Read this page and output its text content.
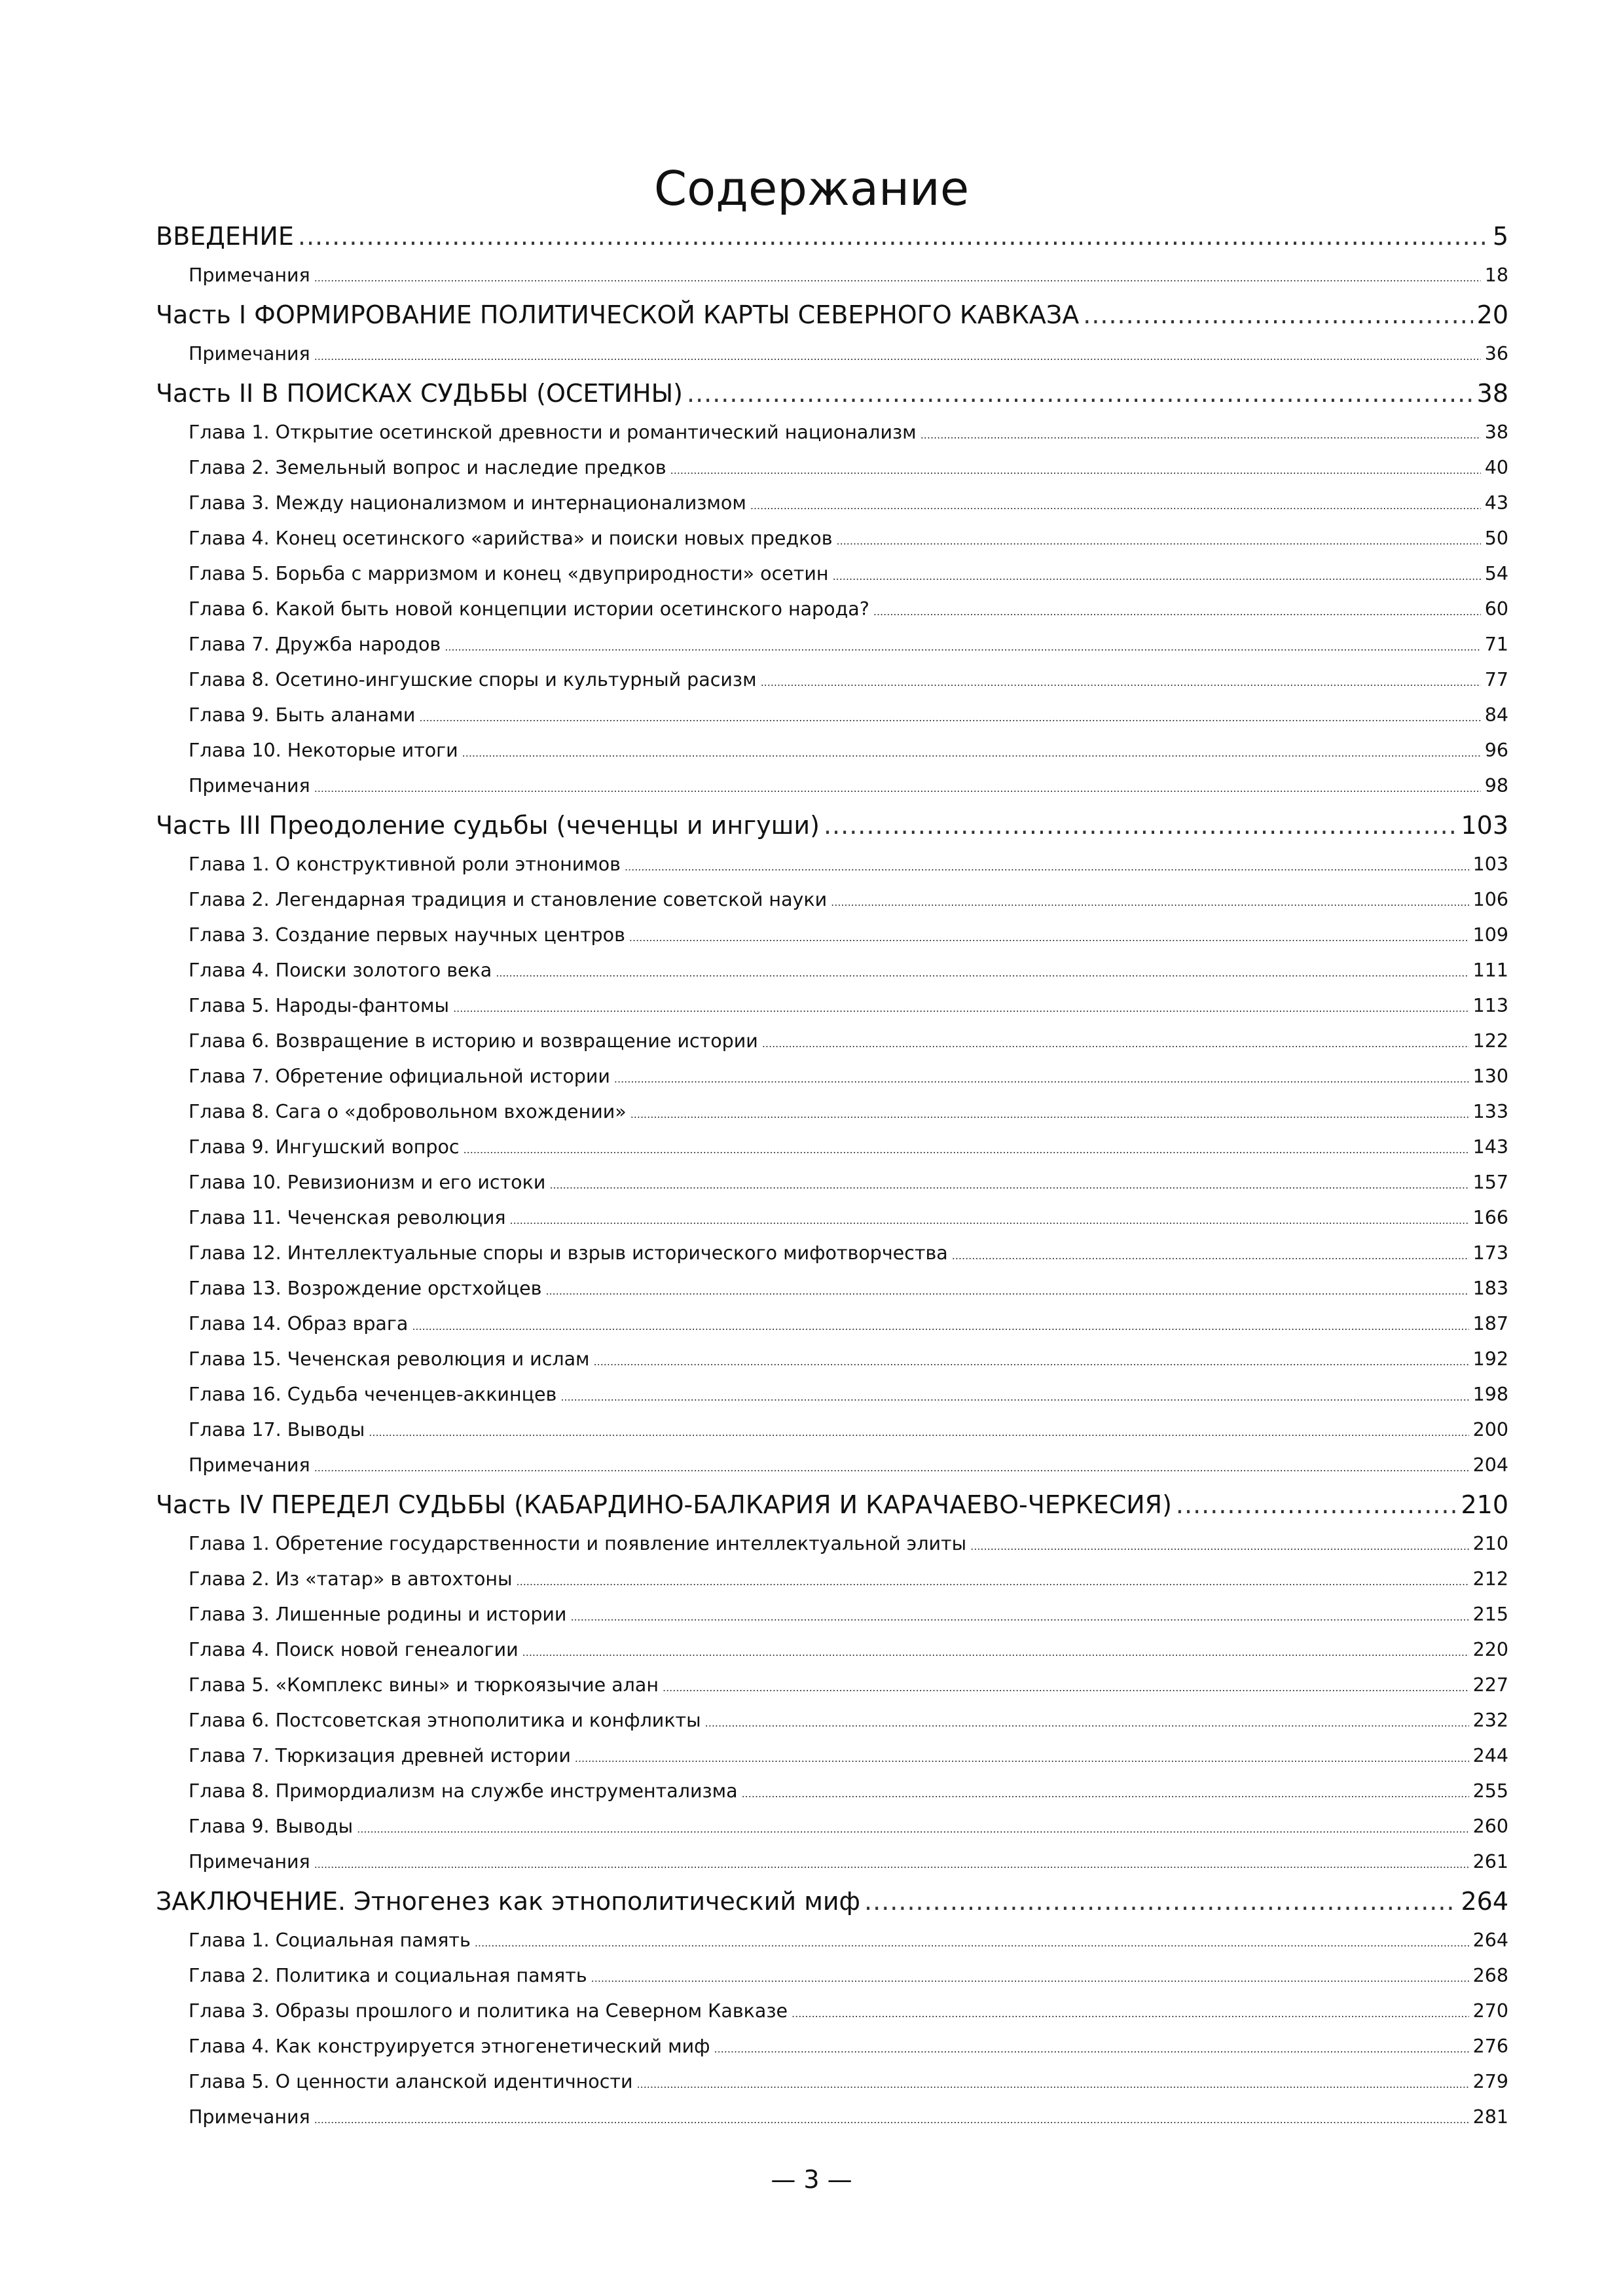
Содержание
ВВЕДЕНИЕ .....	5
Примечания .....	18
Часть I ФОРМИРОВАНИЕ ПОЛИТИЧЕСКОЙ КАРТЫ СЕВЕРНОГО КАВКАЗА .....	20
Примечания .....	36
Часть II В ПОИСКАХ СУДЬБЫ (ОСЕТИНЫ) .....	38
Глава 1. Открытие осетинской древности и романтический национализм .....	38
Глава 2. Земельный вопрос и наследие предков .....	40
Глава 3. Между национализмом и интернационализмом .....	43
Глава 4. Конец осетинского «арийства» и поиски новых предков .....	50
Глава 5. Борьба с марризмом и конец «двуприродности» осетин .....	54
Глава 6. Какой быть новой концепции истории осетинского народа? .....	60
Глава 7. Дружба народов .....	71
Глава 8. Осетино-ингушские споры и культурный расизм .....	77
Глава 9. Быть аланами .....	84
Глава 10. Некоторые итоги .....	96
Примечания .....	98
Часть III Преодоление судьбы (чеченцы и ингуши) .....	103
Глава 1. О конструктивной роли этнонимов .....	103
Глава 2. Легендарная традиция и становление советской науки .....	106
Глава 3. Создание первых научных центров .....	109
Глава 4. Поиски золотого века .....	111
Глава 5. Народы-фантомы .....	113
Глава 6. Возвращение в историю и возвращение истории .....	122
Глава 7. Обретение официальной истории .....	130
Глава 8. Сага о «добровольном вхождении» .....	133
Глава 9. Ингушский вопрос .....	143
Глава 10. Ревизионизм и его истоки .....	157
Глава 11. Чеченская революция .....	166
Глава 12. Интеллектуальные споры и взрыв исторического мифотворчества .....	173
Глава 13. Возрождение орстхойцев .....	183
Глава 14. Образ врага .....	187
Глава 15. Чеченская революция и ислам .....	192
Глава 16. Судьба чеченцев-аккинцев .....	198
Глава 17. Выводы .....	200
Примечания .....	204
Часть IV ПЕРЕДЕЛ СУДЬБЫ (КАБАРДИНО-БАЛКАРИЯ И КАРАЧАЕВО-ЧЕРКЕСИЯ) .....	210
Глава 1. Обретение государственности и появление интеллектуальной элиты .....	210
Глава 2. Из «татар» в автохтоны .....	212
Глава 3. Лишенные родины и истории .....	215
Глава 4. Поиск новой генеалогии .....	220
Глава 5. «Комплекс вины» и тюркоязычие алан .....	227
Глава 6. Постсоветская этнополитика и конфликты .....	232
Глава 7. Тюркизация древней истории .....	244
Глава 8. Примордиализм на службе инструментализма .....	255
Глава 9. Выводы .....	260
Примечания .....	261
ЗАКЛЮЧЕНИЕ. Этногенез как этнополитический миф .....	264
Глава 1. Социальная память .....	264
Глава 2. Политика и социальная память .....	268
Глава 3. Образы прошлого и политика на Северном Кавказе .....	270
Глава 4. Как конструируется этногенетический миф .....	276
Глава 5. О ценности аланской идентичности .....	279
Примечания .....	281
— 3 —
